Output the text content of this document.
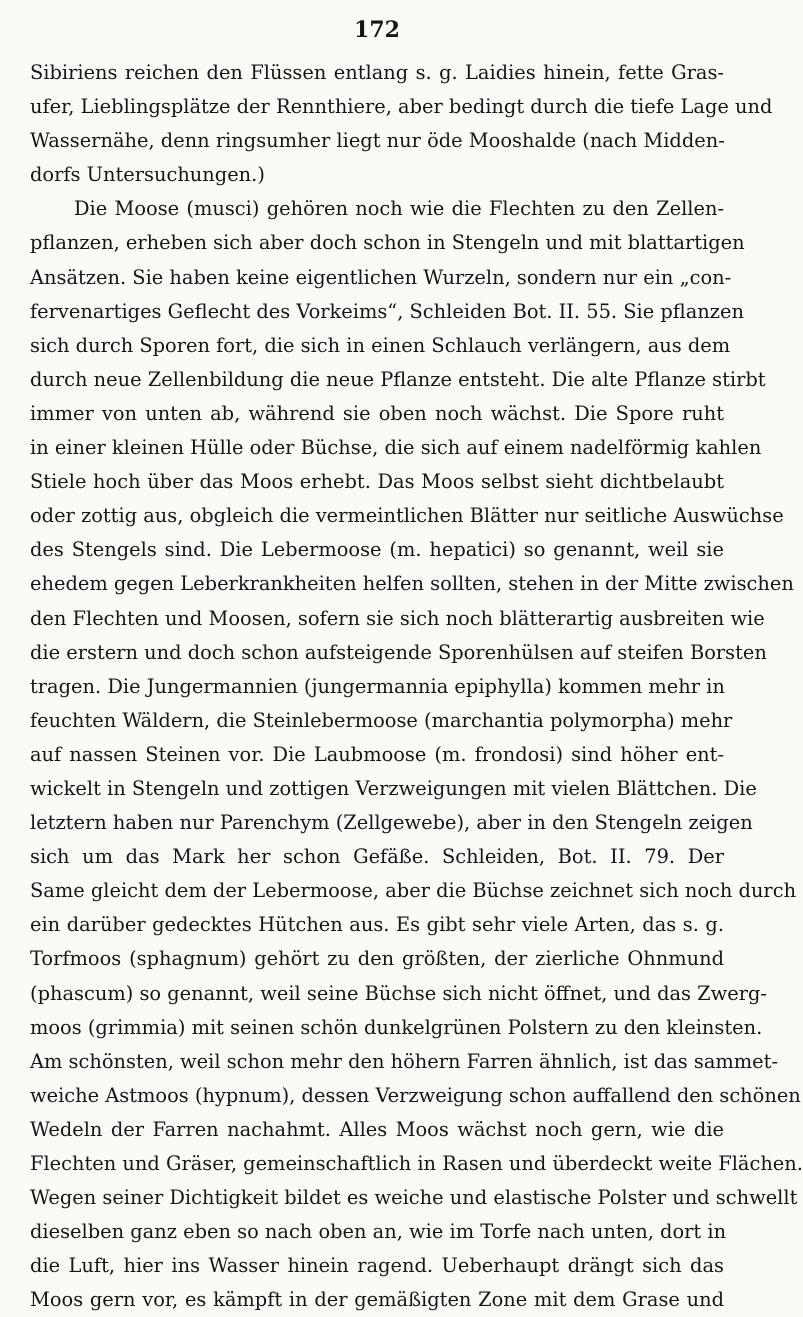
172
Sibiriens reichen den Flüssen entlang s. g. Laidies hinein, fette Gras-
ufer, Lieblingsplätze der Rennthiere, aber bedingt durch die tiefe Lage und
Wassernähe, denn ringsumher liegt nur öde Mooshalde (nach Midden-
dorfs Untersuchungen.)
Die Moose (musci) gehören noch wie die Flechten zu den Zellen-
pflanzen, erheben sich aber doch schon in Stengeln und mit blattartigen
Ansätzen. Sie haben keine eigentlichen Wurzeln, sondern nur ein „con-
fervenartiges Geflecht des Vorkeims“, Schleiden Bot. II. 55. Sie pflanzen
sich durch Sporen fort, die sich in einen Schlauch verlängern, aus dem
durch neue Zellenbildung die neue Pflanze entsteht. Die alte Pflanze stirbt
immer von unten ab, während sie oben noch wächst. Die Spore ruht
in einer kleinen Hülle oder Büchse, die sich auf einem nadelförmig kahlen
Stiele hoch über das Moos erhebt. Das Moos selbst sieht dichtbelaubt
oder zottig aus, obgleich die vermeintlichen Blätter nur seitliche Auswüchse
des Stengels sind. Die Lebermoose (m. hepatici) so genannt, weil sie
ehedem gegen Leberkrankheiten helfen sollten, stehen in der Mitte zwischen
den Flechten und Moosen, sofern sie sich noch blätterartig ausbreiten wie
die erstern und doch schon aufsteigende Sporenhülsen auf steifen Borsten
tragen. Die Jungermannien (jungermannia epiphylla) kommen mehr in
feuchten Wäldern, die Steinlebermoose (marchantia polymorpha) mehr
auf nassen Steinen vor. Die Laubmoose (m. frondosi) sind höher ent-
wickelt in Stengeln und zottigen Verzweigungen mit vielen Blättchen. Die
letztern haben nur Parenchym (Zellgewebe), aber in den Stengeln zeigen
sich um das Mark her schon Gefäße. Schleiden, Bot. II. 79. Der
Same gleicht dem der Lebermoose, aber die Büchse zeichnet sich noch durch
ein darüber gedecktes Hütchen aus. Es gibt sehr viele Arten, das s. g.
Torfmoos (sphagnum) gehört zu den größten, der zierliche Ohnmund
(phascum) so genannt, weil seine Büchse sich nicht öffnet, und das Zwerg-
moos (grimmia) mit seinen schön dunkelgrünen Polstern zu den kleinsten.
Am schönsten, weil schon mehr den höhern Farren ähnlich, ist das sammet-
weiche Astmoos (hypnum), dessen Verzweigung schon auffallend den schönen
Wedeln der Farren nachahmt. Alles Moos wächst noch gern, wie die
Flechten und Gräser, gemeinschaftlich in Rasen und überdeckt weite Flächen.
Wegen seiner Dichtigkeit bildet es weiche und elastische Polster und schwellt
dieselben ganz eben so nach oben an, wie im Torfe nach unten, dort in
die Luft, hier ins Wasser hinein ragend. Ueberhaupt drängt sich das
Moos gern vor, es kämpft in der gemäßigten Zone mit dem Grase und
